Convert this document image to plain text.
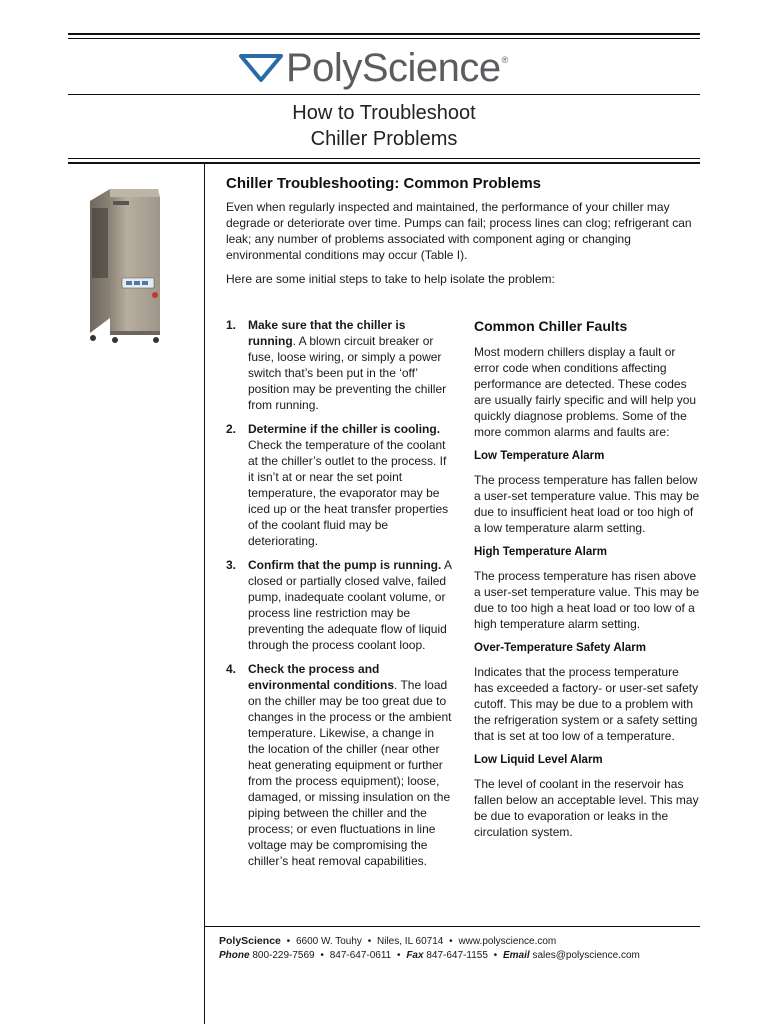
PolyScience ®
How to Troubleshoot
Chiller Problems
Chiller Troubleshooting: Common Problems

Even when regularly inspected and maintained, the performance of your chiller may degrade or deteriorate over time. Pumps can fail; process lines can clog; refrigerant can leak; any number of problems associated with component aging or changing environmental conditions may occur (Table I).

Here are some initial steps to take to help isolate the problem:

1. Make sure that the chiller is running. A blown circuit breaker or fuse, loose wiring, or simply a power switch that’s been put in the ‘off’ position may be preventing the chiller from running.
2. Determine if the chiller is cooling. Check the temperature of the coolant at the chiller’s outlet to the process. If it isn’t at or near the set point temperature, the evaporator may be iced up or the heat transfer properties of the coolant fluid may be deteriorating.
3. Confirm that the pump is running. A closed or partially closed valve, failed pump, inadequate coolant volume, or process line restriction may be preventing the adequate flow of liquid through the process coolant loop.
4. Check the process and environmental conditions. The load on the chiller may be too great due to changes in the process or the ambient temperature. Likewise, a change in the location of the chiller (near other heat generating equipment or further from the process equipment); loose, damaged, or missing insulation on the piping between the chiller and the process; or even fluctuations in line voltage may be compromising the chiller’s heat removal capabilities.
Common Chiller Faults

Most modern chillers display a fault or error code when conditions affecting performance are detected. These codes are usually fairly specific and will help you quickly diagnose problems. Some of the more common alarms and faults are:

Low Temperature Alarm

The process temperature has fallen below a user-set temperature value. This may be due to insufficient heat load or too high of a low temperature alarm setting.

High Temperature Alarm

The process temperature has risen above a user-set temperature value. This may be due to too high a heat load or too low of a high temperature alarm setting.

Over-Temperature Safety Alarm

Indicates that the process temperature has exceeded a factory- or user-set safety cutoff. This may be due to a problem with the refrigeration system or a safety setting that is set at too low of a temperature.

Low Liquid Level Alarm

The level of coolant in the reservoir has fallen below an acceptable level. This may be due to evaporation or leaks in the circulation system.

PolyScience • 6600 W. Touhy • Niles, IL 60714 • www.polyscience.com
Phone 800-229-7569 • 847-647-0611 • Fax 847-647-1155 • Email sales@polyscience.com
